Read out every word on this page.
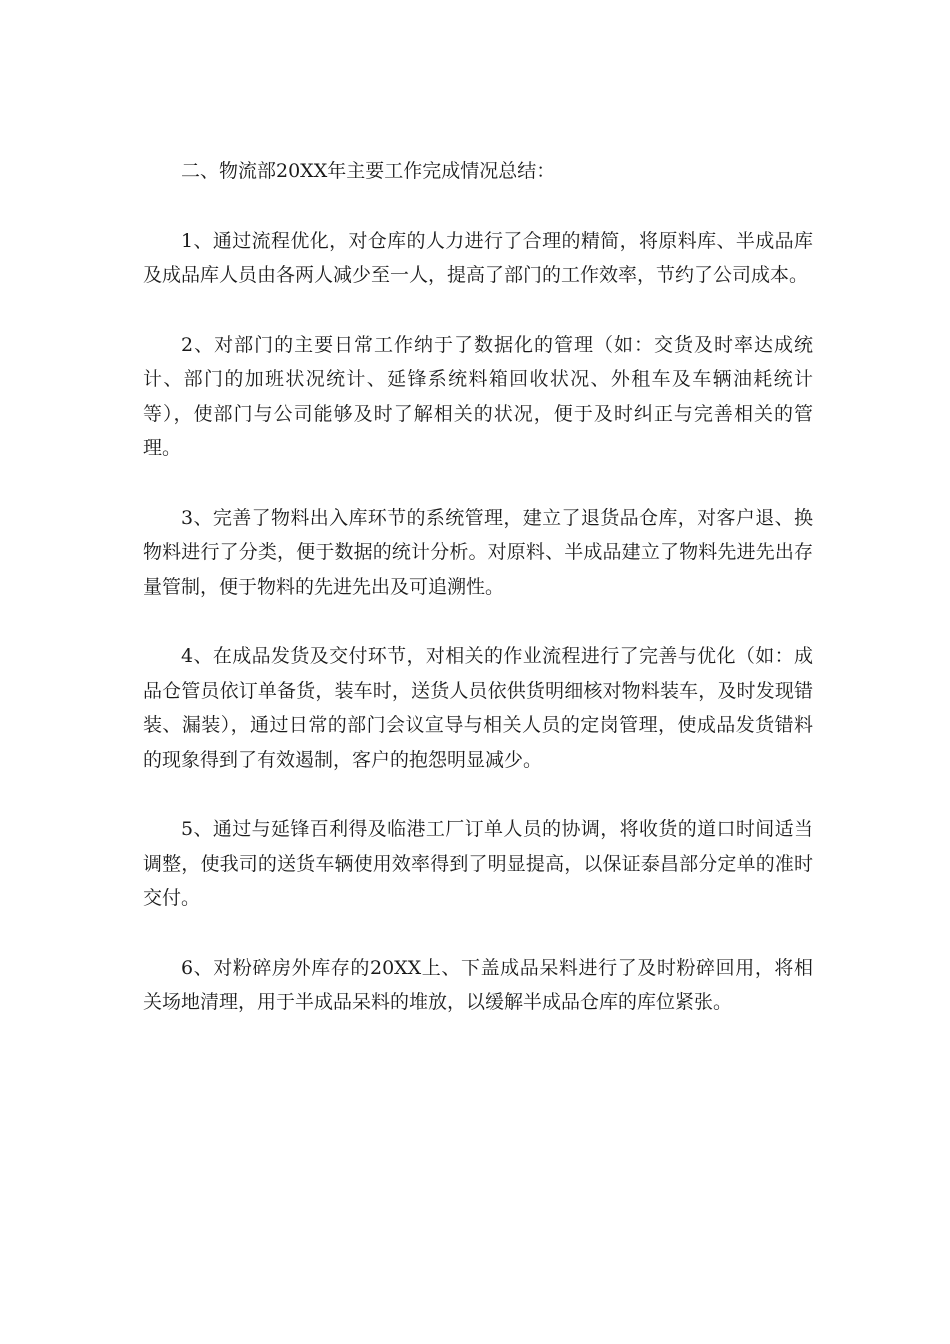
二、物流部20XX年主要工作完成情况总结：

1、通过流程优化，对仓库的人力进行了合理的精简，将原料库、半成品库及成品库人员由各两人减少至一人，提高了部门的工作效率，节约了公司成本。

2、对部门的主要日常工作纳于了数据化的管理（如：交货及时率达成统计、部门的加班状况统计、延锋系统料箱回收状况、外租车及车辆油耗统计等），使部门与公司能够及时了解相关的状况，便于及时纠正与完善相关的管理。

3、完善了物料出入库环节的系统管理，建立了退货品仓库，对客户退、换物料进行了分类，便于数据的统计分析。对原料、半成品建立了物料先进先出存量管制，便于物料的先进先出及可追溯性。

4、在成品发货及交付环节，对相关的作业流程进行了完善与优化（如：成品仓管员依订单备货，装车时，送货人员依供货明细核对物料装车，及时发现错装、漏装），通过日常的部门会议宣导与相关人员的定岗管理，使成品发货错料的现象得到了有效遏制，客户的抱怨明显减少。

5、通过与延锋百利得及临港工厂订单人员的协调，将收货的道口时间适当调整，使我司的送货车辆使用效率得到了明显提高，以保证泰昌部分定单的准时交付。

6、对粉碎房外库存的20XX上、下盖成品呆料进行了及时粉碎回用，将相关场地清理，用于半成品呆料的堆放，以缓解半成品仓库的库位紧张。
